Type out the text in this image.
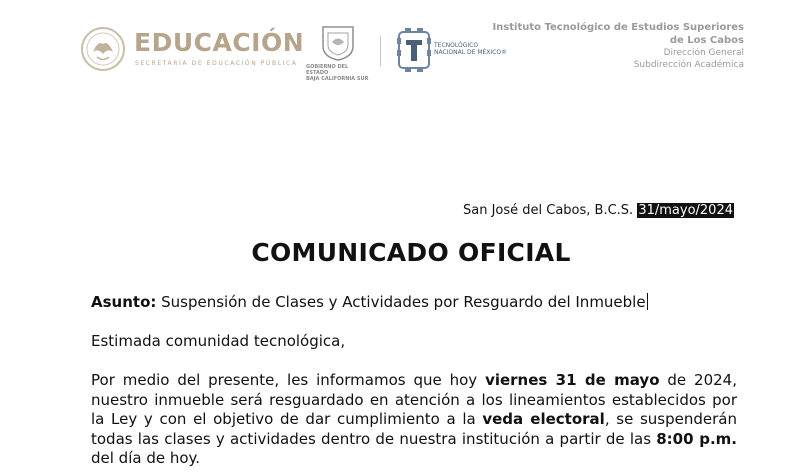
EDUCACIÓN
SECRETARÍA DE EDUCACIÓN PÚBLICA GOBIERNO DEL ESTADO
BAJA CALIFORNIA SUR
TECNOLÓGICO
NACIONAL DE MÉXICO®
Instituto Tecnológico de Estudios Superiores
de Los Cabos
Dirección General
Subdirección Académica
San José del Cabos, B.C.S. 31/mayo/2024
COMUNICADO OFICIAL
Asunto: Suspensión de Clases y Actividades por Resguardo del Inmueble
Estimada comunidad tecnológica,
Por medio del presente, les informamos que hoy viernes 31 de mayo de 2024, nuestro inmueble será resguardado en atención a los lineamientos establecidos por la Ley y con el objetivo de dar cumplimiento a la veda electoral, se suspenderán todas las clases y actividades dentro de nuestra institución a partir de las 8:00 p.m. del día de hoy.
